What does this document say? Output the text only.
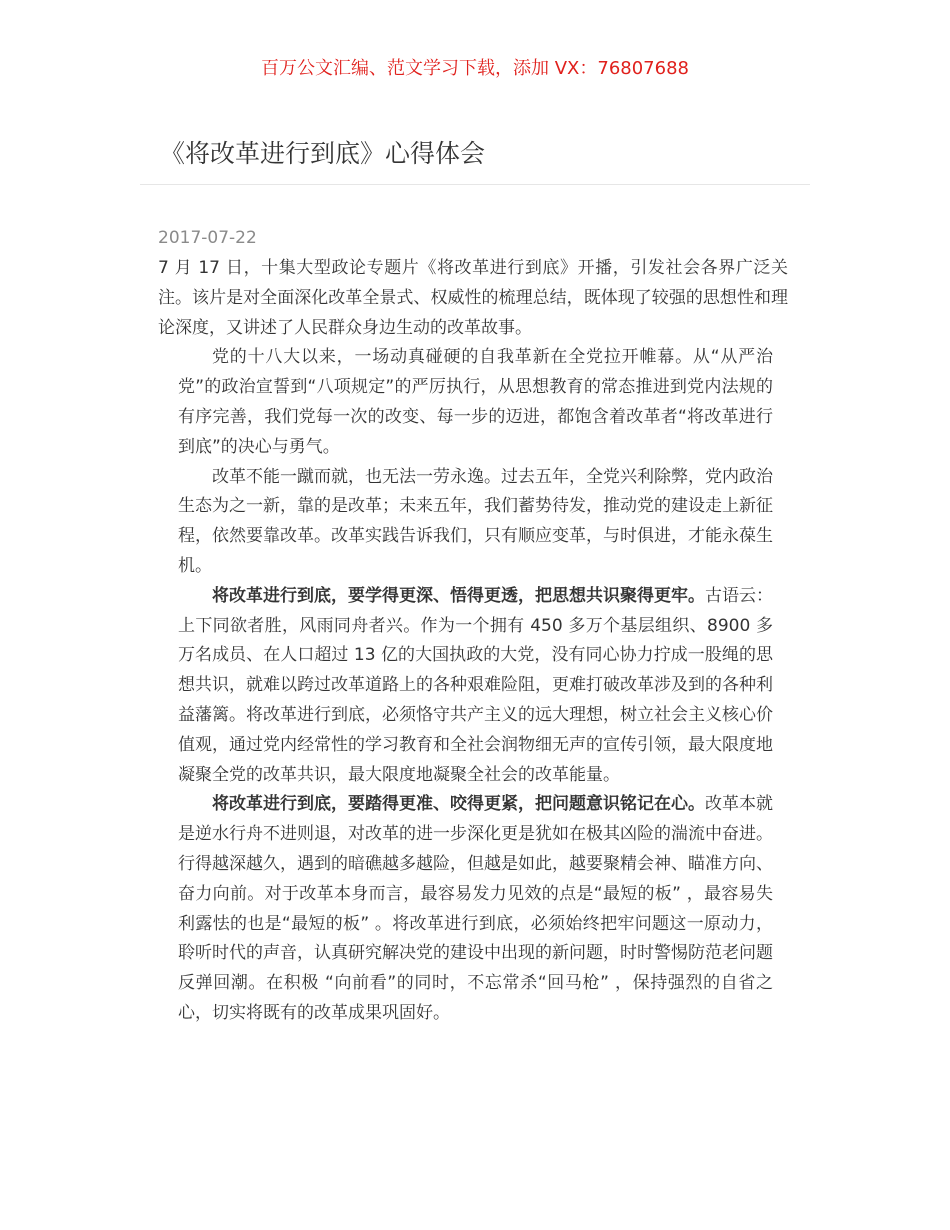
百万公文汇编、范文学习下载，添加 VX：76807688
《将改革进行到底》心得体会
2017-07-22

7 月 17 日，十集大型政论专题片《将改革进行到底》开播，引发社会各界广泛关注。该片是对全面深化改革全景式、权威性的梳理总结，既体现了较强的思想性和理论深度，又讲述了人民群众身边生动的改革故事。

党的十八大以来，一场动真碰硬的自我革新在全党拉开帷幕。从“从严治党”的政治宣誓到“八项规定”的严厉执行，从思想教育的常态推进到党内法规的有序完善，我们党每一次的改变、每一步的迈进，都饱含着改革者“将改革进行到底”的决心与勇气。

改革不能一蹴而就，也无法一劳永逸。过去五年，全党兴利除弊，党内政治生态为之一新，靠的是改革；未来五年，我们蓄势待发，推动党的建设走上新征程，依然要靠改革。改革实践告诉我们，只有顺应变革，与时俱进，才能永葆生机。

将改革进行到底，要学得更深、悟得更透，把思想共识聚得更牢。古语云：上下同欲者胜，风雨同舟者兴。作为一个拥有 450 多万个基层组织、8900 多万名成员、在人口超过 13 亿的大国执政的大党，没有同心协力拧成一股绳的思想共识，就难以跨过改革道路上的各种艰难险阻，更难打破改革涉及到的各种利益藩篱。将改革进行到底，必须恪守共产主义的远大理想，树立社会主义核心价值观，通过党内经常性的学习教育和全社会润物细无声的宣传引领，最大限度地凝聚全党的改革共识，最大限度地凝聚全社会的改革能量。

将改革进行到底，要踏得更准、咬得更紧，把问题意识铭记在心。改革本就是逆水行舟不进则退，对改革的进一步深化更是犹如在极其凶险的湍流中奋进。行得越深越久，遇到的暗礁越多越险，但越是如此，越要聚精会神、瞄准方向、奋力向前。对于改革本身而言，最容易发力见效的点是“最短的板” ，最容易失利露怯的也是“最短的板” 。将改革进行到底，必须始终把牢问题这一原动力，聆听时代的声音，认真研究解决党的建设中出现的新问题，时时警惕防范老问题反弹回潮。在积极 “向前看”的同时，不忘常杀“回马枪” ，保持强烈的自省之心，切实将既有的改革成果巩固好。
